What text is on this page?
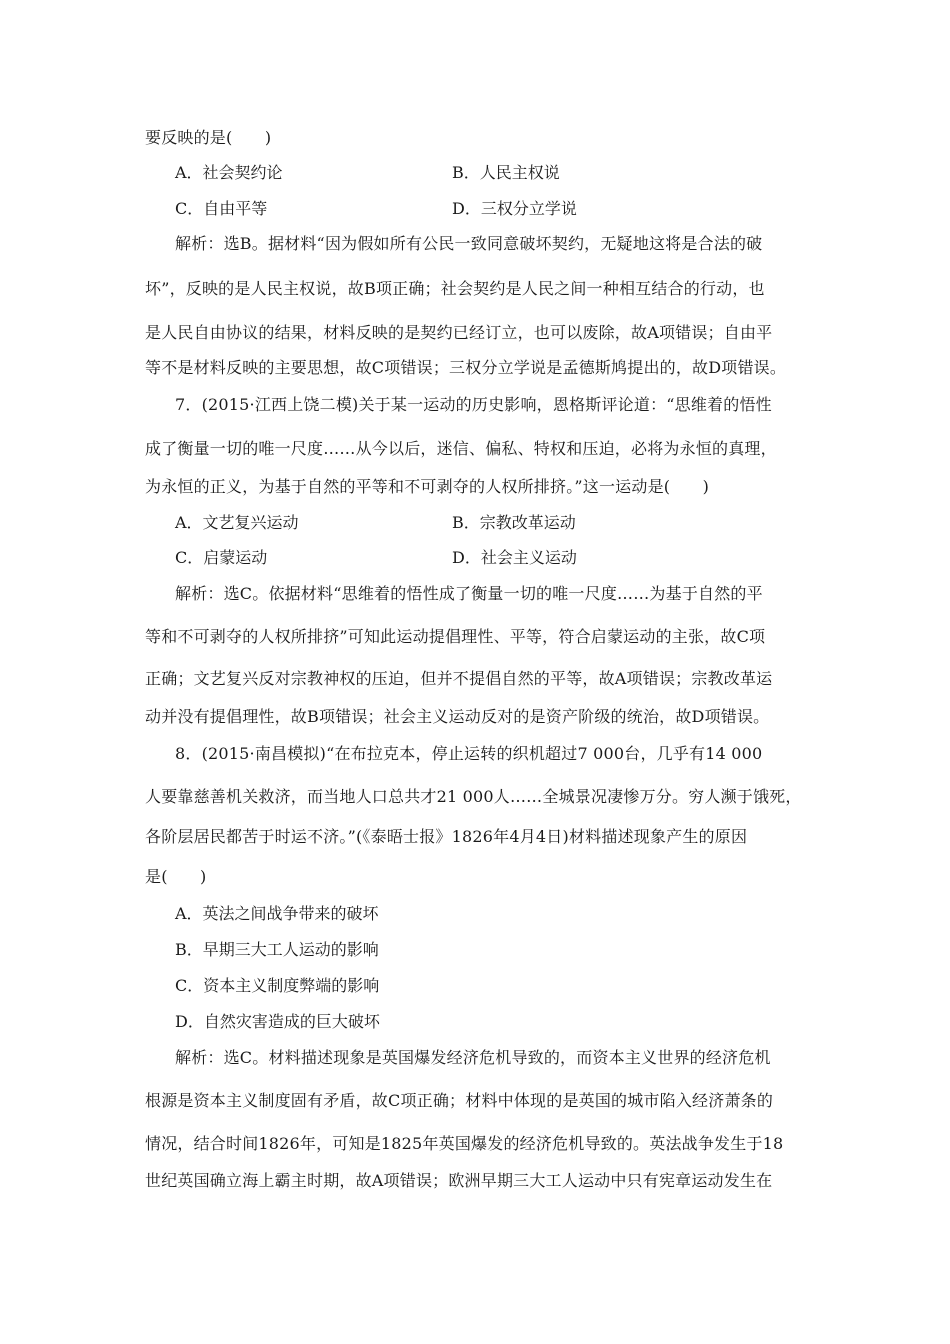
要反映的是(　　)
A．社会契约论	B．人民主权说
C．自由平等	D．三权分立学说
解析：选B。据材料“因为假如所有公民一致同意破坏契约，无疑地这将是合法的破
坏”，反映的是人民主权说，故B项正确；社会契约是人民之间一种相互结合的行动，也
是人民自由协议的结果，材料反映的是契约已经订立，也可以废除，故A项错误；自由平
等不是材料反映的主要思想，故C项错误；三权分立学说是孟德斯鸠提出的，故D项错误。
7．(2015·江西上饶二模)关于某一运动的历史影响，恩格斯评论道：“思维着的悟性
成了衡量一切的唯一尺度……从今以后，迷信、偏私、特权和压迫，必将为永恒的真理，
为永恒的正义，为基于自然的平等和不可剥夺的人权所排挤。”这一运动是(　　)
A．文艺复兴运动	B．宗教改革运动
C．启蒙运动	D．社会主义运动
解析：选C。依据材料“思维着的悟性成了衡量一切的唯一尺度……为基于自然的平
等和不可剥夺的人权所排挤”可知此运动提倡理性、平等，符合启蒙运动的主张，故C项
正确；文艺复兴反对宗教神权的压迫，但并不提倡自然的平等，故A项错误；宗教改革运
动并没有提倡理性，故B项错误；社会主义运动反对的是资产阶级的统治，故D项错误。
8．(2015·南昌模拟)“在布拉克本，停止运转的织机超过7 000台，几乎有14 000
人要靠慈善机关救济，而当地人口总共才21 000人……全城景况凄惨万分。穷人濒于饿死，
各阶层居民都苦于时运不济。”(《泰晤士报》1826年4月4日)材料描述现象产生的原因
是(　　)
A．英法之间战争带来的破坏
B．早期三大工人运动的影响
C．资本主义制度弊端的影响
D．自然灾害造成的巨大破坏
解析：选C。材料描述现象是英国爆发经济危机导致的，而资本主义世界的经济危机
根源是资本主义制度固有矛盾，故C项正确；材料中体现的是英国的城市陷入经济萧条的
情况，结合时间1826年，可知是1825年英国爆发的经济危机导致的。英法战争发生于18
世纪英国确立海上霸主时期，故A项错误；欧洲早期三大工人运动中只有宪章运动发生在
